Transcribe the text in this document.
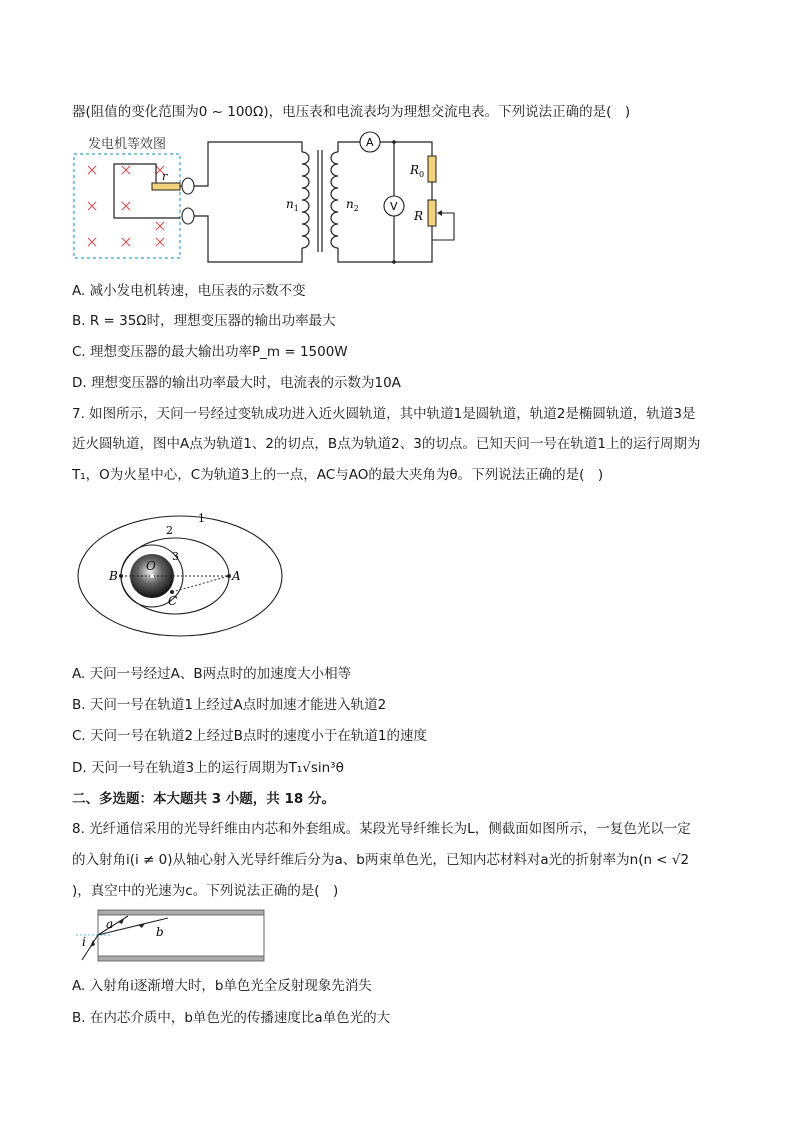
器(阻值的变化范围为0 ~ 100Ω)，电压表和电流表均为理想交流电表。下列说法正确的是(　)
发电机等效图
r
$n_1$	$n_2$
A
V
$R_0$
R
A. 减小发电机转速，电压表的示数不变
B. R = 35Ω时，理想变压器的输出功率最大
C. 理想变压器的最大输出功率P_m = 1500W
D. 理想变压器的输出功率最大时，电流表的示数为10A
7. 如图所示，天问一号经过变轨成功进入近火圆轨道，其中轨道1是圆轨道，轨道2是椭圆轨道，轨道3是
近火圆轨道，图中A点为轨道1、2的切点，B点为轨道2、3的切点。已知天问一号在轨道1上的运行周期为
T₁，O为火星中心，C为轨道3上的一点，AC与AO的最大夹角为θ。下列说法正确的是(　)
1
2
3
B
O
C
A
A. 天问一号经过A、B两点时的加速度大小相等
B. 天问一号在轨道1上经过A点时加速才能进入轨道2
C. 天问一号在轨道2上经过B点时的速度小于在轨道1的速度
D. 天问一号在轨道3上的运行周期为T₁√sin³θ
二、多选题：本大题共 3 小题，共 18 分。
8. 光纤通信采用的光导纤维由内芯和外套组成。某段光导纤维长为L，侧截面如图所示，一复色光以一定
的入射角i(i ≠ 0)从轴心射入光导纤维后分为a、b两束单色光，已知内芯材料对a光的折射率为n(n < √2
)，真空中的光速为c。下列说法正确的是(　)
a
b
i
A. 入射角i逐渐增大时，b单色光全反射现象先消失
B. 在内芯介质中，b单色光的传播速度比a单色光的大
